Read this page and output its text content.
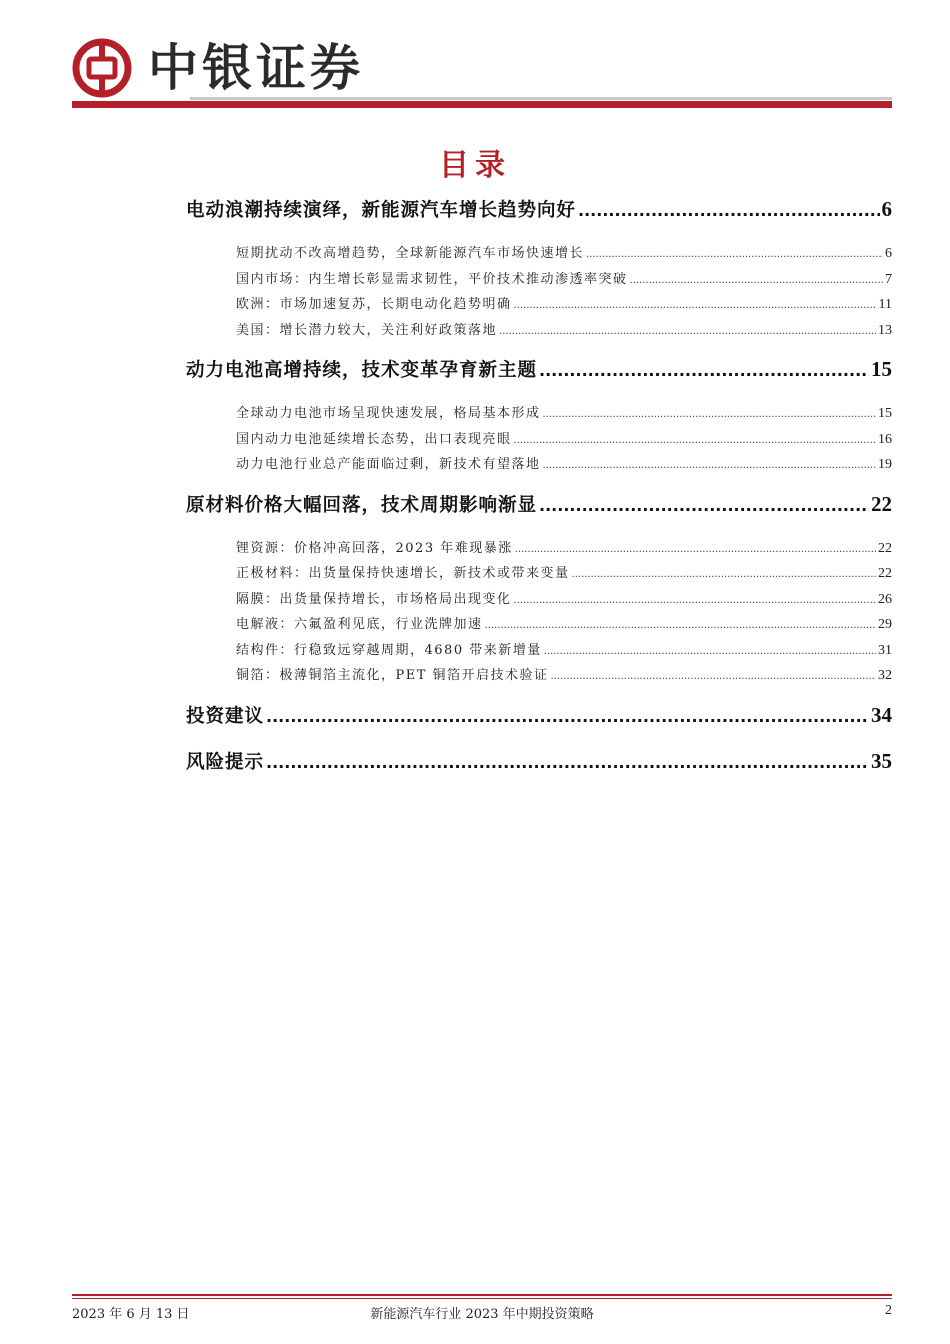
中银证券
目录
电动浪潮持续演绎，新能源汽车增长趋势向好 .....	6
短期扰动不改高增趋势，全球新能源汽车市场快速增长 .....	6
国内市场：内生增长彰显需求韧性，平价技术推动渗透率突破 .....	7
欧洲：市场加速复苏，长期电动化趋势明确 .....	11
美国：增长潜力较大，关注利好政策落地 .....	13
动力电池高增持续，技术变革孕育新主题 .....	15
全球动力电池市场呈现快速发展，格局基本形成 .....	15
国内动力电池延续增长态势，出口表现亮眼 .....	16
动力电池行业总产能面临过剩，新技术有望落地 .....	19
原材料价格大幅回落，技术周期影响渐显 .....	22
锂资源：价格冲高回落，2023 年难现暴涨 .....	22
正极材料：出货量保持快速增长，新技术或带来变量 .....	22
隔膜：出货量保持增长，市场格局出现变化 .....	26
电解液：六氟盈利见底，行业洗牌加速 .....	29
结构件：行稳致远穿越周期，4680 带来新增量 .....	31
铜箔：极薄铜箔主流化，PET 铜箔开启技术验证 .....	32
投资建议 .....	34
风险提示 .....	35
2023 年 6 月 13 日	新能源汽车行业 2023 年中期投资策略	2
